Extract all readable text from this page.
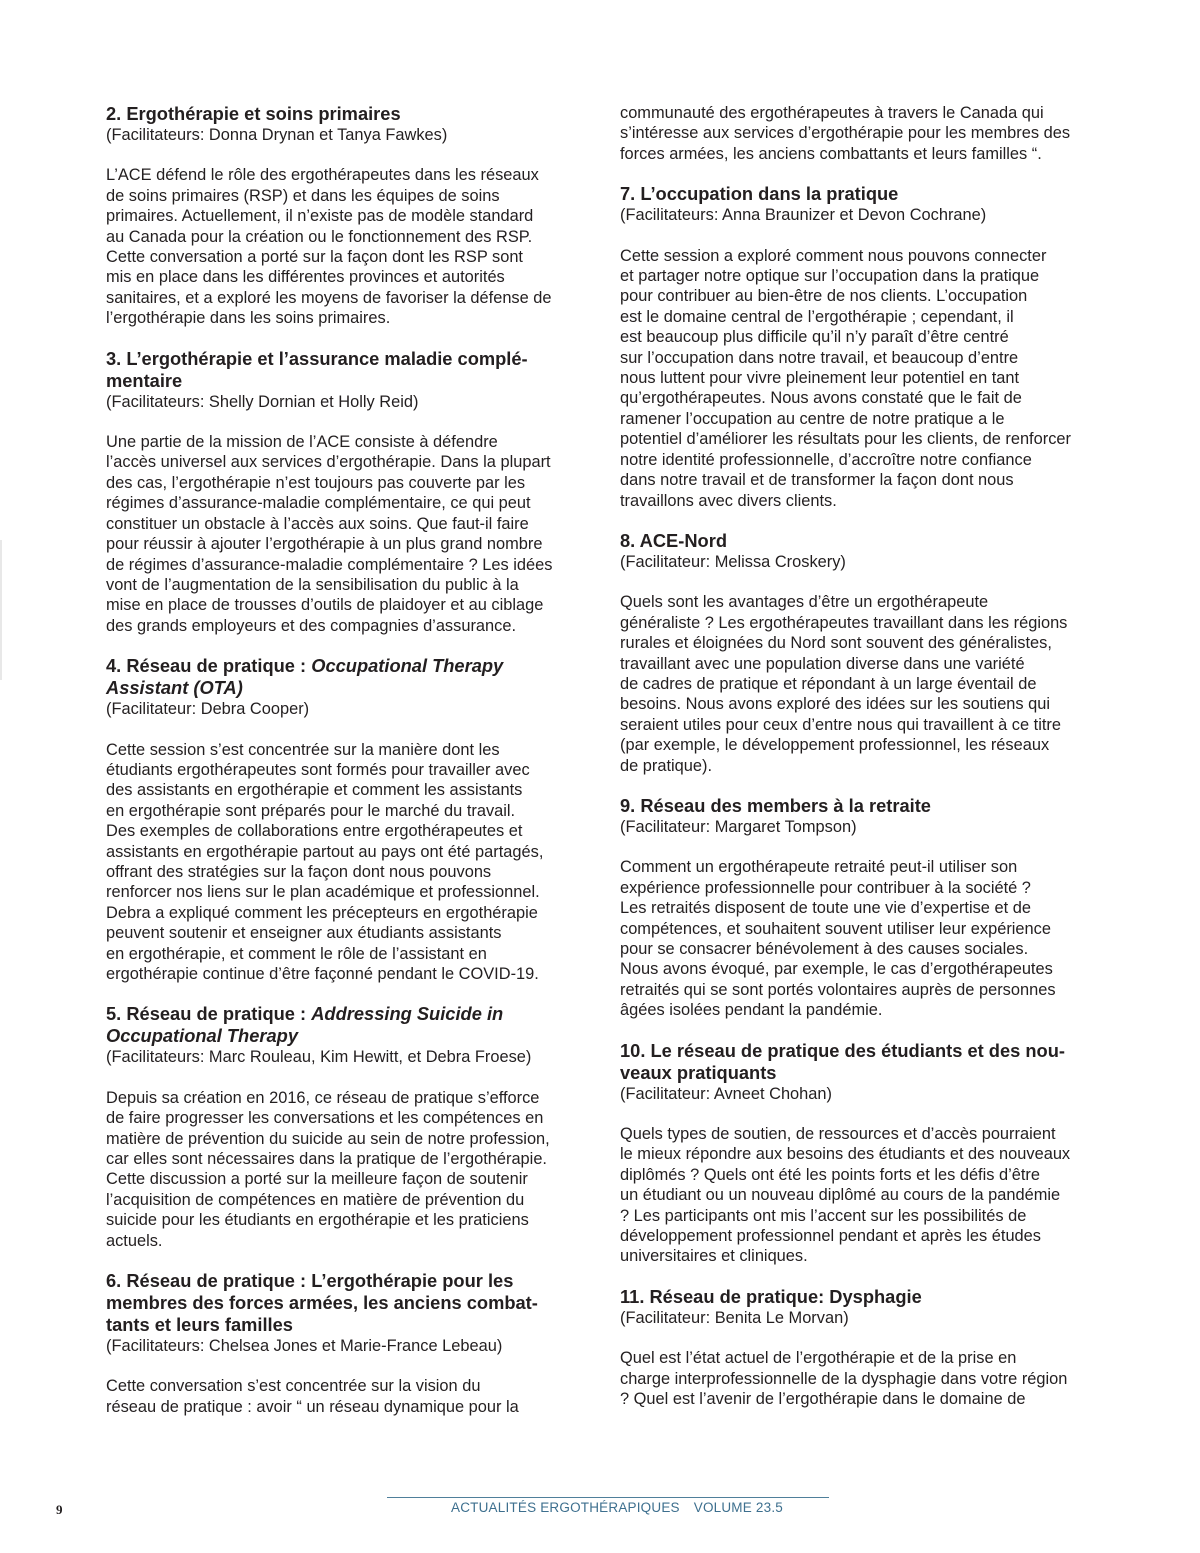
2. Ergothérapie et soins primaires

(Facilitateurs: Donna Drynan et Tanya Fawkes)

L’ACE défend le rôle des ergothérapeutes dans les réseaux
de soins primaires (RSP) et dans les équipes de soins
primaires. Actuellement, il n’existe pas de modèle standard
au Canada pour la création ou le fonctionnement des RSP.
Cette conversation a porté sur la façon dont les RSP sont
mis en place dans les différentes provinces et autorités
sanitaires, et a exploré les moyens de favoriser la défense de
l’ergothérapie dans les soins primaires.

3. L’ergothérapie et l’assurance maladie complé-
mentaire

(Facilitateurs: Shelly Dornian et Holly Reid)

Une partie de la mission de l’ACE consiste à défendre
l’accès universel aux services d’ergothérapie. Dans la plupart
des cas, l’ergothérapie n’est toujours pas couverte par les
régimes d’assurance-maladie complémentaire, ce qui peut
constituer un obstacle à l’accès aux soins. Que faut-il faire
pour réussir à ajouter l’ergothérapie à un plus grand nombre
de régimes d’assurance-maladie complémentaire ? Les idées
vont de l’augmentation de la sensibilisation du public à la
mise en place de trousses d’outils de plaidoyer et au ciblage
des grands employeurs et des compagnies d’assurance.

4. Réseau de pratique : Occupational Therapy
Assistant (OTA)

(Facilitateur: Debra Cooper)

Cette session s’est concentrée sur la manière dont les
étudiants ergothérapeutes sont formés pour travailler avec
des assistants en ergothérapie et comment les assistants
en ergothérapie sont préparés pour le marché du travail.
Des exemples de collaborations entre ergothérapeutes et
assistants en ergothérapie partout au pays ont été partagés,
offrant des stratégies sur la façon dont nous pouvons
renforcer nos liens sur le plan académique et professionnel.
Debra a expliqué comment les précepteurs en ergothérapie
peuvent soutenir et enseigner aux étudiants assistants
en ergothérapie, et comment le rôle de l’assistant en
ergothérapie continue d’être façonné pendant le COVID-19.

5. Réseau de pratique : Addressing Suicide in
Occupational Therapy

(Facilitateurs: Marc Rouleau, Kim Hewitt, et Debra Froese)

Depuis sa création en 2016, ce réseau de pratique s’efforce
de faire progresser les conversations et les compétences en
matière de prévention du suicide au sein de notre profession,
car elles sont nécessaires dans la pratique de l’ergothérapie.
Cette discussion a porté sur la meilleure façon de soutenir
l’acquisition de compétences en matière de prévention du
suicide pour les étudiants en ergothérapie et les praticiens
actuels.

6. Réseau de pratique : L’ergothérapie pour les
membres des forces armées, les anciens combat-
tants et leurs familles

(Facilitateurs: Chelsea Jones et Marie-France Lebeau)

Cette conversation s’est concentrée sur la vision du
réseau de pratique : avoir “ un réseau dynamique pour la

communauté des ergothérapeutes à travers le Canada qui
s’intéresse aux services d’ergothérapie pour les membres des
forces armées, les anciens combattants et leurs familles “.

7. L’occupation dans la pratique

(Facilitateurs: Anna Braunizer et Devon Cochrane)

Cette session a exploré comment nous pouvons connecter
et partager notre optique sur l’occupation dans la pratique
pour contribuer au bien-être de nos clients. L’occupation
est le domaine central de l’ergothérapie ; cependant, il
est beaucoup plus difficile qu’il n’y paraît d’être centré
sur l’occupation dans notre travail, et beaucoup d’entre
nous luttent pour vivre pleinement leur potentiel en tant
qu’ergothérapeutes. Nous avons constaté que le fait de
ramener l’occupation au centre de notre pratique a le
potentiel d’améliorer les résultats pour les clients, de renforcer
notre identité professionnelle, d’accroître notre confiance
dans notre travail et de transformer la façon dont nous
travaillons avec divers clients.

8. ACE-Nord

(Facilitateur: Melissa Croskery)

Quels sont les avantages d’être un ergothérapeute
généraliste ? Les ergothérapeutes travaillant dans les régions
rurales et éloignées du Nord sont souvent des généralistes,
travaillant avec une population diverse dans une variété
de cadres de pratique et répondant à un large éventail de
besoins. Nous avons exploré des idées sur les soutiens qui
seraient utiles pour ceux d’entre nous qui travaillent à ce titre
(par exemple, le développement professionnel, les réseaux
de pratique).

9. Réseau des members à la retraite

(Facilitateur: Margaret Tompson)

Comment un ergothérapeute retraité peut-il utiliser son
expérience professionnelle pour contribuer à la société ?
Les retraités disposent de toute une vie d’expertise et de
compétences, et souhaitent souvent utiliser leur expérience
pour se consacrer bénévolement à des causes sociales.
Nous avons évoqué, par exemple, le cas d’ergothérapeutes
retraités qui se sont portés volontaires auprès de personnes
âgées isolées pendant la pandémie.

10. Le réseau de pratique des étudiants et des nou-
veaux pratiquants

(Facilitateur: Avneet Chohan)

Quels types de soutien, de ressources et d’accès pourraient
le mieux répondre aux besoins des étudiants et des nouveaux
diplômés ? Quels ont été les points forts et les défis d’être
un étudiant ou un nouveau diplômé au cours de la pandémie
? Les participants ont mis l’accent sur les possibilités de
développement professionnel pendant et après les études
universitaires et cliniques.

11. Réseau de pratique: Dysphagie

(Facilitateur: Benita Le Morvan)

Quel est l’état actuel de l’ergothérapie et de la prise en
charge interprofessionnelle de la dysphagie dans votre région
? Quel est l’avenir de l’ergothérapie dans le domaine de

9	ACTUALITÉS ERGOTHÉRAPIQUES VOLUME 23.5
